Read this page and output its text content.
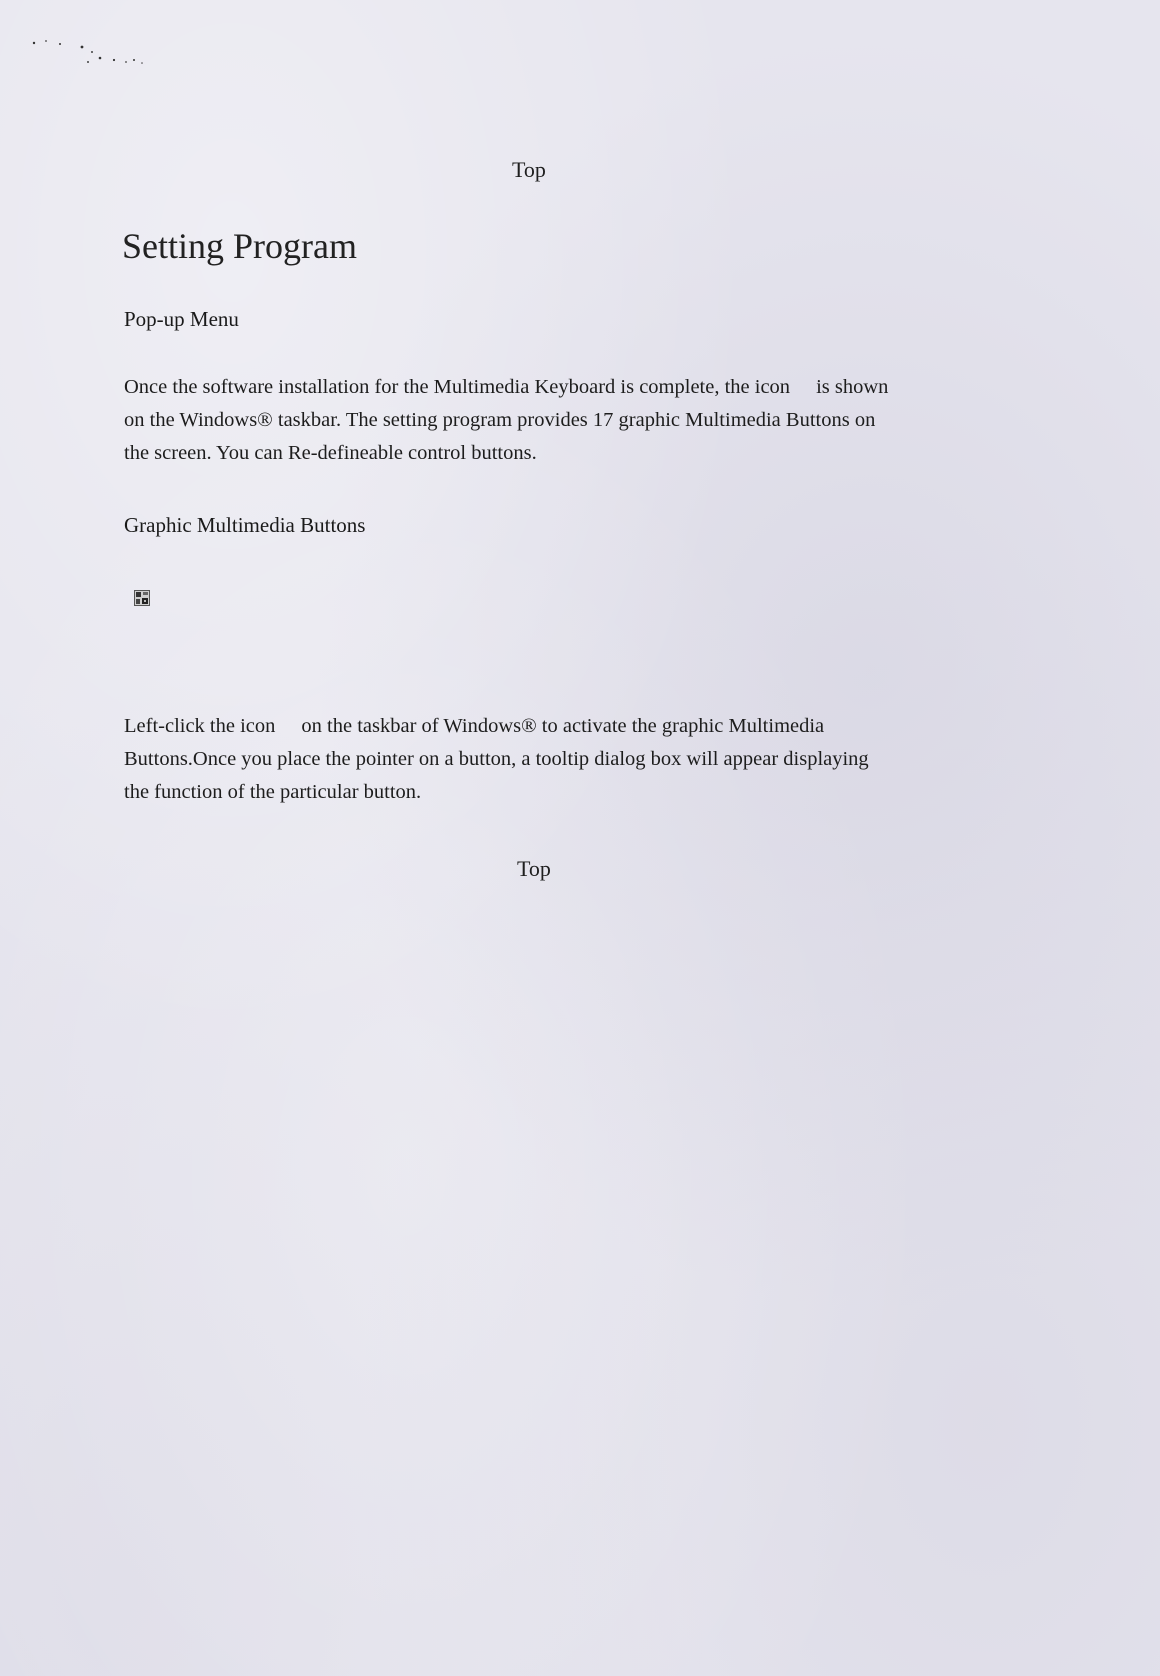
Top
Setting Program
Pop-up Menu

Once the software installation for the Multimedia Keyboard is complete, the icon is shown
on the Windows® taskbar. The setting program provides 17 graphic Multimedia Buttons on
the screen. You can Re-defineable control buttons.

Graphic Multimedia Buttons

Left-click the icon on the taskbar of Windows® to activate the graphic Multimedia
Buttons.Once you place the pointer on a button, a tooltip dialog box will appear displaying
the function of the particular button.

Top
